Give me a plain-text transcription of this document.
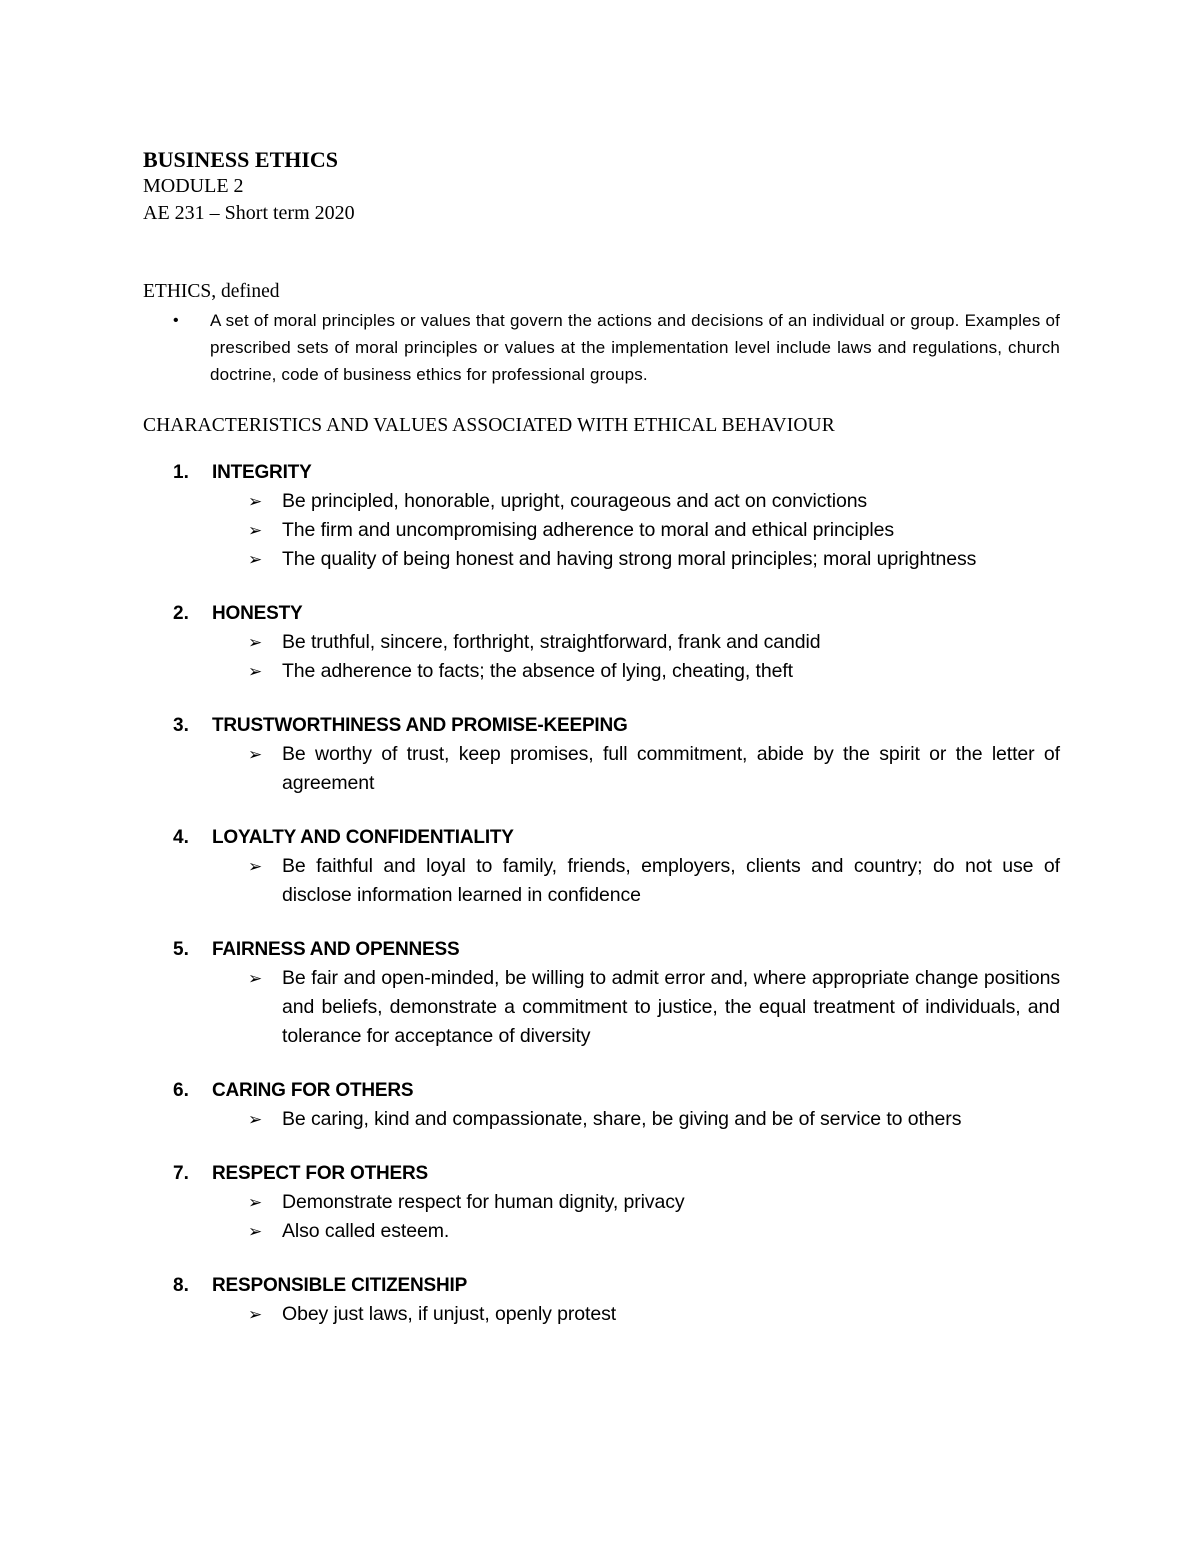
BUSINESS ETHICS

MODULE 2

AE 231 – Short term 2020

ETHICS, defined
•	A set of moral principles or values that govern the actions and decisions of an individual or group. Examples of prescribed sets of moral principles or values at the implementation level include laws and regulations, church doctrine, code of business ethics for professional groups.
CHARACTERISTICS AND VALUES ASSOCIATED WITH ETHICAL BEHAVIOUR
1.	INTEGRITY
➢	Be principled, honorable, upright, courageous and act on convictions
➢	The firm and uncompromising adherence to moral and ethical principles
➢	The quality of being honest and having strong moral principles; moral uprightness
2.	HONESTY
➢	Be truthful, sincere, forthright, straightforward, frank and candid
➢	The adherence to facts; the absence of lying, cheating, theft
3.	TRUSTWORTHINESS AND PROMISE-KEEPING
➢	Be worthy of trust, keep promises, full commitment, abide by the spirit or the letter of agreement
4.	LOYALTY AND CONFIDENTIALITY
➢	Be faithful and loyal to family, friends, employers, clients and country; do not use of disclose information learned in confidence
5.	FAIRNESS AND OPENNESS
➢	Be fair and open-minded, be willing to admit error and, where appropriate change positions and beliefs, demonstrate a commitment to justice, the equal treatment of individuals, and tolerance for acceptance of diversity
6.	CARING FOR OTHERS
➢	Be caring, kind and compassionate, share, be giving and be of service to others
7.	RESPECT FOR OTHERS
➢	Demonstrate respect for human dignity, privacy
➢	Also called esteem.
8.	RESPONSIBLE CITIZENSHIP
➢	Obey just laws, if unjust, openly protest
